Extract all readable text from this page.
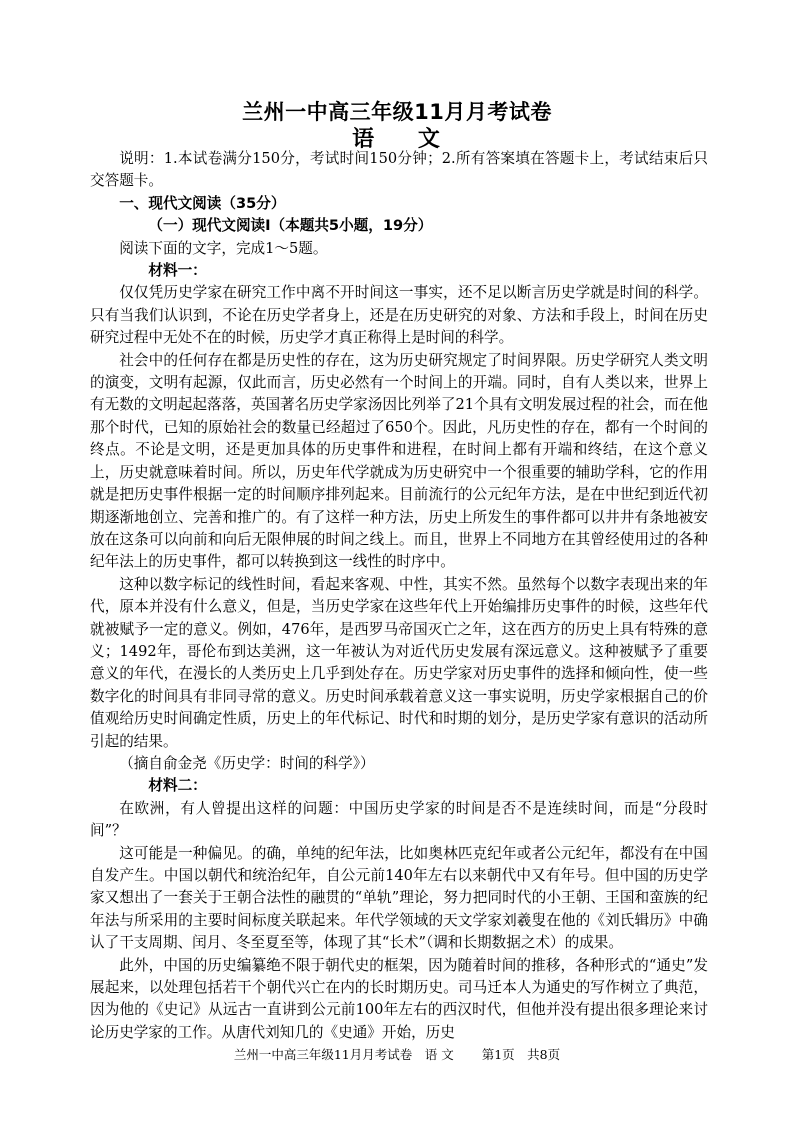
兰州一中高三年级11月月考试卷
语 文

说明：1.本试卷满分150分，考试时间150分钟；2.所有答案填在答题卡上，考试结束后只交答题卡。

一、现代文阅读（35分）

（一）现代文阅读Ⅰ（本题共5小题，19分）

阅读下面的文字，完成1～5题。

材料一：

仅仅凭历史学家在研究工作中离不开时间这一事实，还不足以断言历史学就是时间的科学。只有当我们认识到，不论在历史学者身上，还是在历史研究的对象、方法和手段上，时间在历史研究过程中无处不在的时候，历史学才真正称得上是时间的科学。

社会中的任何存在都是历史性的存在，这为历史研究规定了时间界限。历史学研究人类文明的演变，文明有起源，仅此而言，历史必然有一个时间上的开端。同时，自有人类以来，世界上有无数的文明起起落落，英国著名历史学家汤因比列举了21个具有文明发展过程的社会，而在他那个时代，已知的原始社会的数量已经超过了650个。因此，凡历史性的存在，都有一个时间的终点。不论是文明，还是更加具体的历史事件和进程，在时间上都有开端和终结，在这个意义上，历史就意味着时间。所以，历史年代学就成为历史研究中一个很重要的辅助学科，它的作用就是把历史事件根据一定的时间顺序排列起来。目前流行的公元纪年方法，是在中世纪到近代初期逐渐地创立、完善和推广的。有了这样一种方法，历史上所发生的事件都可以井井有条地被安放在这条可以向前和向后无限伸展的时间之线上。而且，世界上不同地方在其曾经使用过的各种纪年法上的历史事件，都可以转换到这一线性的时序中。

这种以数字标记的线性时间，看起来客观、中性，其实不然。虽然每个以数字表现出来的年代，原本并没有什么意义，但是，当历史学家在这些年代上开始编排历史事件的时候，这些年代就被赋予一定的意义。例如，476年，是西罗马帝国灭亡之年，这在西方的历史上具有特殊的意义；1492年，哥伦布到达美洲，这一年被认为对近代历史发展有深远意义。这种被赋予了重要意义的年代，在漫长的人类历史上几乎到处存在。历史学家对历史事件的选择和倾向性，使一些数字化的时间具有非同寻常的意义。历史时间承载着意义这一事实说明，历史学家根据自己的价值观给历史时间确定性质，历史上的年代标记、时代和时期的划分，是历史学家有意识的活动所引起的结果。

（摘自俞金尧《历史学：时间的科学》）

材料二：

在欧洲，有人曾提出这样的问题：中国历史学家的时间是否不是连续时间，而是“分段时间”？

这可能是一种偏见。的确，单纯的纪年法，比如奥林匹克纪年或者公元纪年，都没有在中国自发产生。中国以朝代和统治纪年，自公元前140年左右以来朝代中又有年号。但中国的历史学家又想出了一套关于王朝合法性的融贯的“单轨”理论，努力把同时代的小王朝、王国和蛮族的纪年法与所采用的主要时间标度关联起来。年代学领域的天文学家刘羲叟在他的《刘氏辑历》中确认了干支周期、闰月、冬至夏至等，体现了其“长术”（调和长期数据之术）的成果。

此外，中国的历史编纂绝不限于朝代史的框架，因为随着时间的推移，各种形式的“通史”发展起来，以处理包括若干个朝代兴亡在内的长时期历史。司马迁本人为通史的写作树立了典范，因为他的《史记》从远古一直讲到公元前100年左右的西汉时代，但他并没有提出很多理论来讨论历史学家的工作。从唐代刘知几的《史通》开始，历史

兰州一中高三年级11月月考试卷　语 文 第1页　共8页
